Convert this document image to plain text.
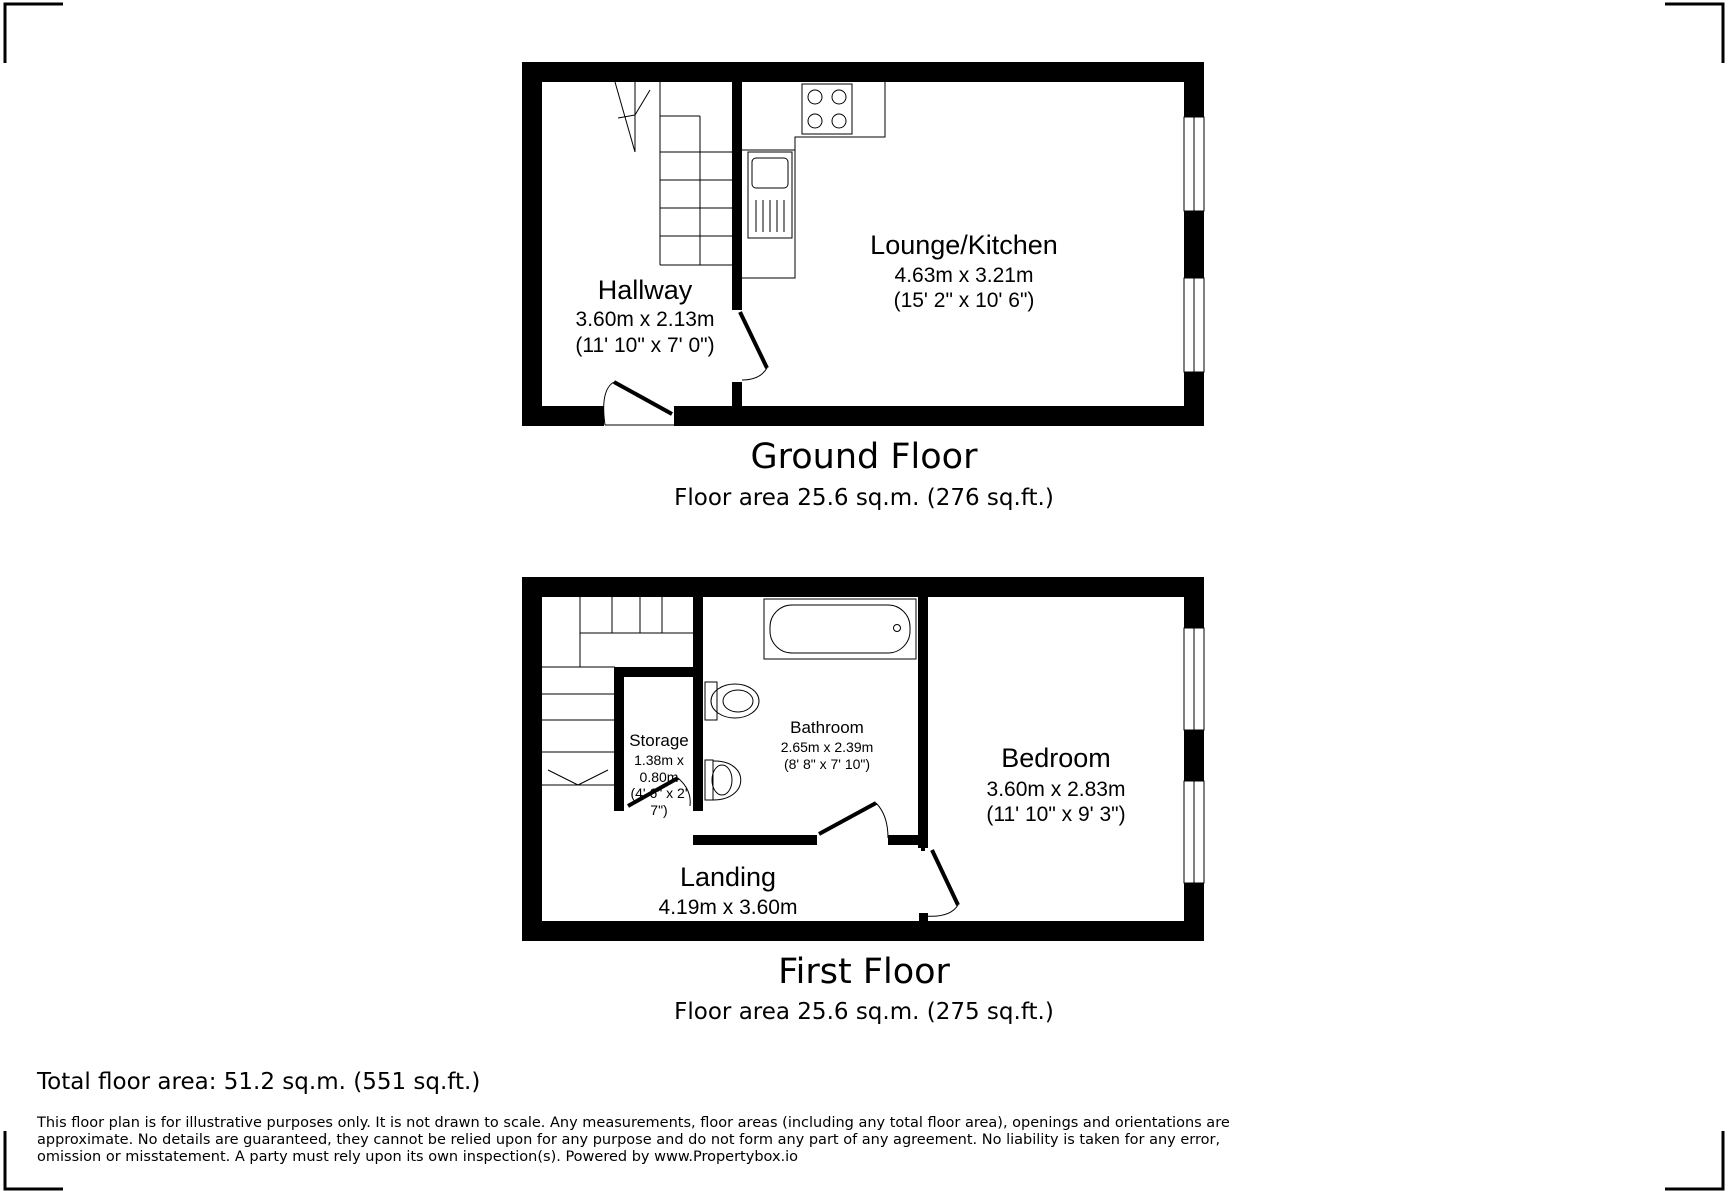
Lounge/Kitchen
4.63m x 3.21m
(15' 2" x 10' 6")
Hallway
3.60m x 2.13m
(11' 10" x 7' 0")
Ground Floor
Floor area 25.6 sq.m. (276 sq.ft.)
Storage
1.38m x
0.80m
(4' 6" x 2'
7")
Bathroom
2.65m x 2.39m
(8' 8" x 7' 10")	Bedroom
3.60m x 2.83m
(11' 10" x 9' 3")
Landing
4.19m x 3.60m
First Floor
Floor area 25.6 sq.m. (275 sq.ft.)
Total floor area: 51.2 sq.m. (551 sq.ft.)
This floor plan is for illustrative purposes only. It is not drawn to scale. Any measurements, floor areas (including any total floor area), openings and orientations are
approximate. No details are guaranteed, they cannot be relied upon for any purpose and do not form any part of any agreement. No liability is taken for any error,
omission or misstatement. A party must rely upon its own inspection(s). Powered by www.Propertybox.io
